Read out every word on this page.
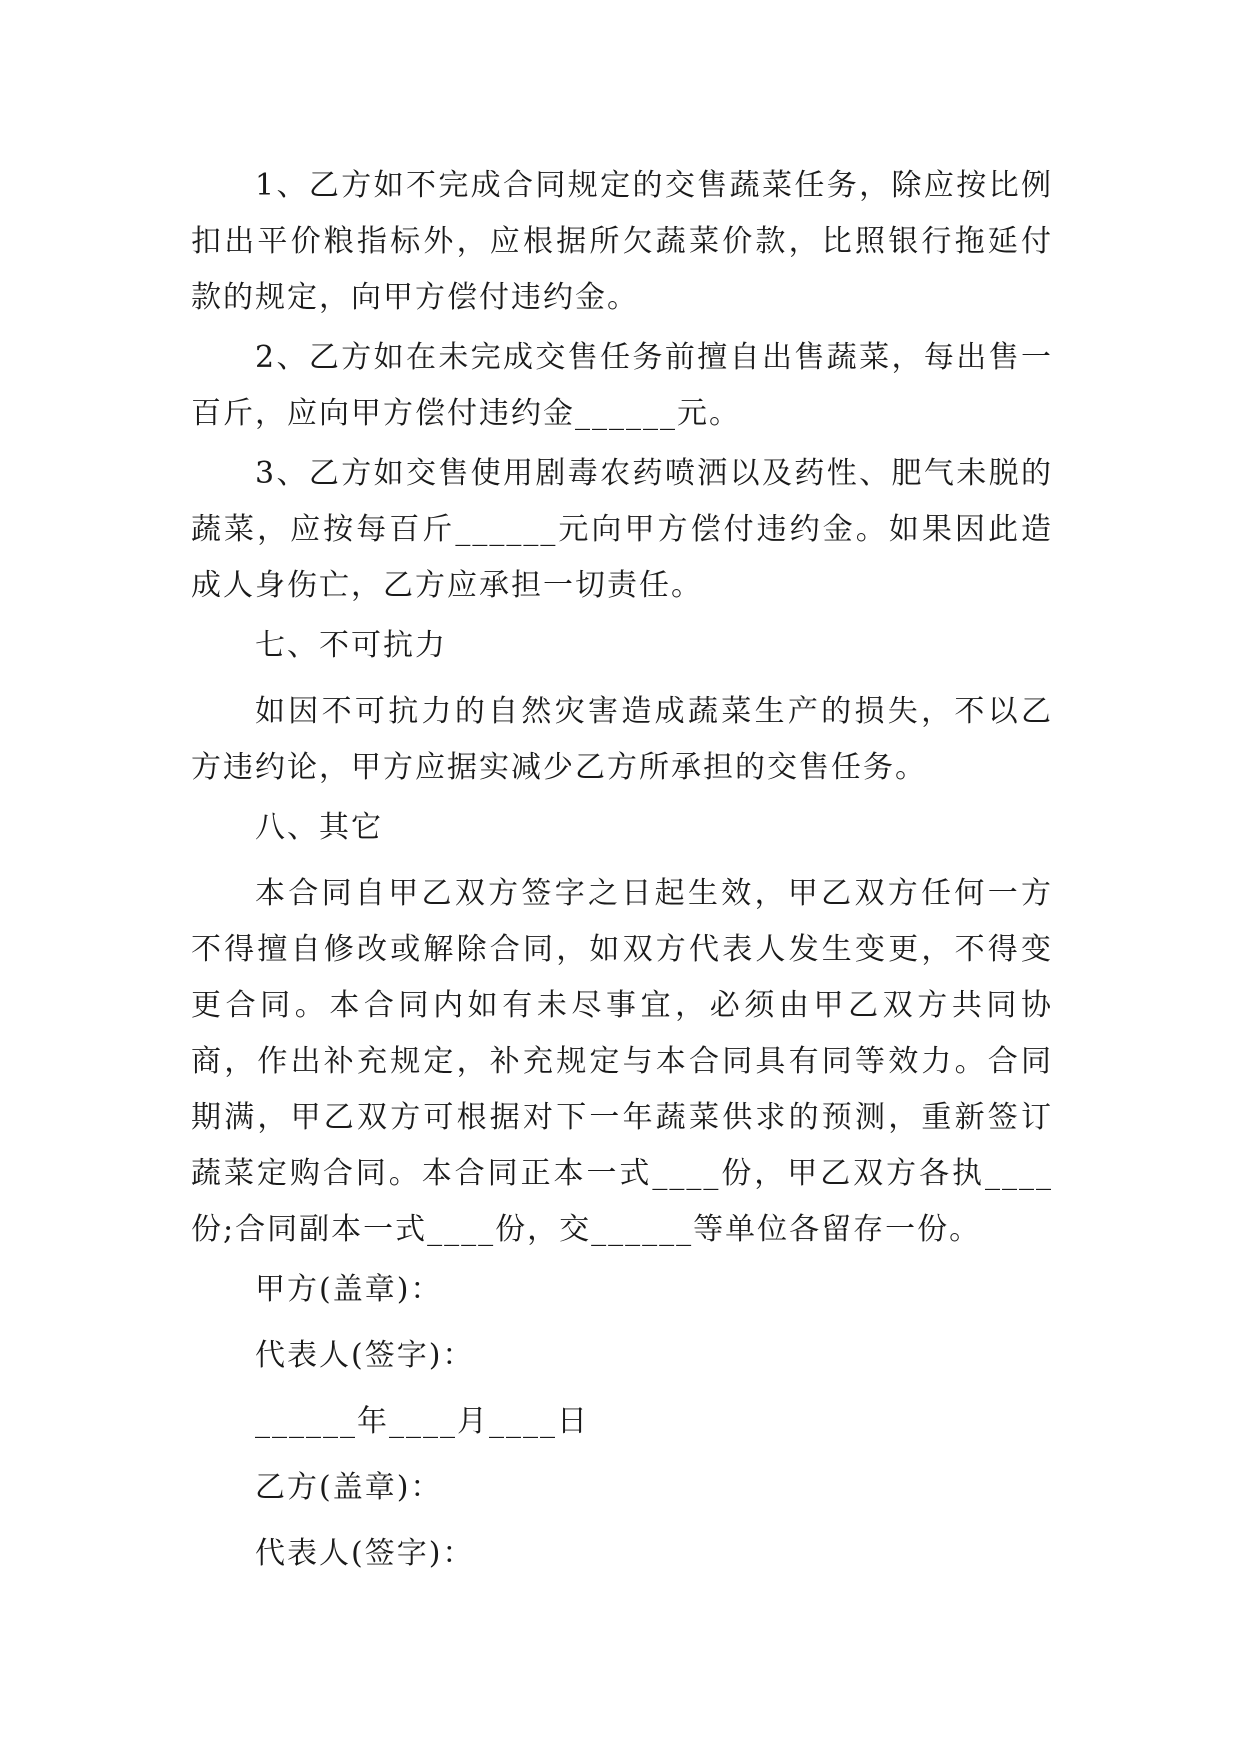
1、乙方如不完成合同规定的交售蔬菜任务，除应按比例扣出平价粮指标外，应根据所欠蔬菜价款，比照银行拖延付款的规定，向甲方偿付违约金。

2、乙方如在未完成交售任务前擅自出售蔬菜，每出售一百斤，应向甲方偿付违约金______元。

3、乙方如交售使用剧毒农药喷洒以及药性、肥气未脱的蔬菜，应按每百斤______元向甲方偿付违约金。如果因此造成人身伤亡，乙方应承担一切责任。

七、不可抗力

如因不可抗力的自然灾害造成蔬菜生产的损失，不以乙方违约论，甲方应据实减少乙方所承担的交售任务。

八、其它

本合同自甲乙双方签字之日起生效，甲乙双方任何一方不得擅自修改或解除合同，如双方代表人发生变更，不得变更合同。本合同内如有未尽事宜，必须由甲乙双方共同协商，作出补充规定，补充规定与本合同具有同等效力。合同期满，甲乙双方可根据对下一年蔬菜供求的预测，重新签订蔬菜定购合同。本合同正本一式____份，甲乙双方各执____份;合同副本一式____份，交______等单位各留存一份。

甲方(盖章)：

代表人(签字)：

______年____月____日

乙方(盖章)：

代表人(签字)：
